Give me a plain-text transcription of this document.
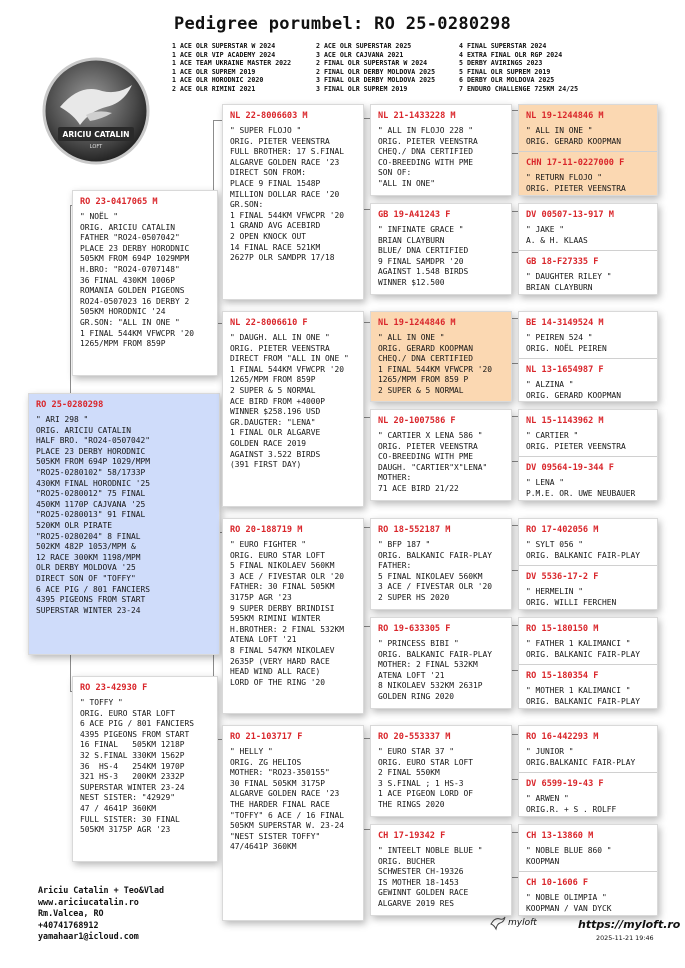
Pedigree porumbel: RO 25-0280298
1 ACE OLR SUPERSTAR W 2024
1 ACE OLR VIP ACADEMY 2024
1 ACE TEAM UKRAINE MASTER 2022
1 ACE OLR SUPREM 2019
1 ACE OLR HORODNIC 2020
2 ACE OLR RIMINI 2021
2 ACE OLR SUPERSTAR 2025
3 ACE OLR CAJVANA 2021
2 FINAL OLR SUPERSTAR W 2024
2 FINAL OLR DERBY MOLDOVA 2025
3 FINAL OLR DERBY MOLDOVA 2025
3 FINAL OLR SUPREM 2019
4 FINAL SUPERSTAR 2024
4 EXTRA FINAL OLR RGP 2024
5 DERBY AVIRINGS 2023
5 FINAL OLR SUPREM 2019
6 DERBY OLR MOLDOVA 2025
7 ENDURO CHALLENGE 725KM 24/25
ARICIU CATALIN
LOFT
RO 25-0280298
" ARI 298 "
ORIG. ARICIU CATALIN
HALF BRO. "RO24-0507042"
PLACE 23 DERBY HORODNIC
505KM FROM 694P 1029/MPM
"RO25-0280102" 58/1733P
430KM FINAL HORODNIC '25
"RO25-0280012" 75 FINAL
450KM 1170P CAJVANA '25
"RO25-0280013" 91 FINAL
520KM OLR PIRATE
"RO25-0280204" 8 FINAL
502KM 482P 1053/MPM &
12 RACE 300KM 1198/MPM
OLR DERBY MOLDOVA '25
DIRECT SON OF "TOFFY"
6 ACE PIG / 801 FANCIERS
4395 PIGEONS FROM START
SUPERSTAR WINTER 23-24
RO 23-0417065 M
" NOËL "
ORIG. ARICIU CATALIN
FATHER "RO24-0507042"
PLACE 23 DERBY HORODNIC
505KM FROM 694P 1029MPM
H.BRO: "RO24-0707148"
36 FINAL 430KM 1006P
ROMANIA GOLDEN PIGEONS
RO24-0507023 16 DERBY 2
505KM HORODNIC '24
GR.SON: "ALL IN ONE "
1 FINAL 544KM VFWCPR '20
1265/MPM FROM 859P
RO 23-42930 F
" TOFFY "
ORIG. EURO STAR LOFT
6 ACE PIG / 801 FANCIERS
4395 PIGEONS FROM START
16 FINAL   505KM 1218P
32 S.FINAL 330KM 1562P
36  HS-4   254KM 1970P
321 HS-3   200KM 2332P
SUPERSTAR WINTER 23-24
NEST SISTER: "42929"
47 / 4641P 360KM
FULL SISTER: 30 FINAL
505KM 3175P AGR '23
NL 22-8006603 M
" SUPER FLOJO "
ORIG. PIETER VEENSTRA
FULL BROTHER: 17 S.FINAL
ALGARVE GOLDEN RACE '23
DIRECT SON FROM:
PLACE 9 FINAL 1548P
MILLION DOLLAR RACE '20
GR.SON:
1 FINAL 544KM VFWCPR '20
1 GRAND AVG ACEBIRD
2 OPEN KNOCK OUT
14 FINAL RACE 521KM
2627P OLR SAMDPR 17/18
NL 22-8006610 F
" DAUGH. ALL IN ONE "
ORIG. PIETER VEENSTRA
DIRECT FROM "ALL IN ONE "
1 FINAL 544KM VFWCPR '20
1265/MPM FROM 859P
2 SUPER & 5 NORMAL
ACE BIRD FROM +4000P
WINNER $258.196 USD
GR.DAUGTER: "LENA"
1 FINAL OLR ALGARVE
GOLDEN RACE 2019
AGAINST 3.522 BIRDS
(391 FIRST DAY)
RO 20-188719 M
" EURO FIGHTER "
ORIG. EURO STAR LOFT
5 FINAL NIKOLAEV 560KM
3 ACE / FIVESTAR OLR '20
FATHER: 30 FINAL 505KM
3175P AGR '23
9 SUPER DERBY BRINDISI
595KM RIMINI WINTER
H.BROTHER: 2 FINAL 532KM
ATENA LOFT '21
8 FINAL 547KM NIKOLAEV
2635P (VERY HARD RACE
HEAD WIND ALL RACE)
LORD OF THE RING '20
RO 21-103717 F
" HELLY "
ORIG. ZG HELIOS
MOTHER: "RO23-350155"
30 FINAL 505KM 3175P
ALGARVE GOLDEN RACE '23
THE HARDER FINAL RACE
"TOFFY" 6 ACE / 16 FINAL
505KM SUPERSTAR W. 23-24
"NEST SISTER TOFFY"
47/4641P 360KM
NL 21-1433228 M
" ALL IN FLOJO 228 "
ORIG. PIETER VEENSTRA
CHEQ./ DNA CERTIFIED
CO-BREEDING WITH PME
SON OF:
"ALL IN ONE"
GB 19-A41243 F
" INFINATE GRACE "
BRIAN CLAYBURN
BLUE/ DNA CERTIFIED
9 FINAL SAMDPR '20
AGAINST 1.548 BIRDS
WINNER $12.500
NL 19-1244846 M
" ALL IN ONE "
ORIG. GERARD KOOPMAN
CHEQ./ DNA CERTIFIED
1 FINAL 544KM VFWCPR '20
1265/MPM FROM 859 P
2 SUPER & 5 NORMAL
NL 20-1007586 F
" CARTIER X LENA 586 "
ORIG. PIETER VEENSTRA
CO-BREEDING WITH PME
DAUGH. "CARTIER"X"LENA"
MOTHER:
71 ACE BIRD 21/22
RO 18-552187 M
" BFP 187 "
ORIG. BALKANIC FAIR-PLAY
FATHER:
5 FINAL NIKOLAEV 560KM
3 ACE / FIVESTAR OLR '20
2 SUPER HS 2020
RO 19-633305 F
" PRINCESS BIBI "
ORIG. BALKANIC FAIR-PLAY
MOTHER: 2 FINAL 532KM
ATENA LOFT '21
8 NIKOLAEV 532KM 2631P
GOLDEN RING 2020
RO 20-553337 M
" EURO STAR 37 "
ORIG. EURO STAR LOFT
2 FINAL 550KM
3 S.FINAL ; 1 HS-3
1 ACE PIGEON LORD OF
THE RINGS 2020
CH 17-19342 F
" INTEELT NOBLE BLUE "
ORIG. BUCHER
SCHWESTER CH-19326
IS MOTHER 18-1453
GEWINNT GOLDEN RACE
ALGARVE 2019 RES
NL 19-1244846 M
" ALL IN ONE "
ORIG. GERARD KOOPMAN
CHN 17-11-0227000 F
" RETURN FLOJO "
ORIG. PIETER VEENSTRA
DV 00507-13-917 M
" JAKE "
A. & H. KLAAS
GB 18-F27335 F
" DAUGHTER RILEY "
BRIAN CLAYBURN
BE 14-3149524 M
" PEIREN 524 "
ORIG. NOËL PEIREN
NL 13-1654987 F
" ALZINA "
ORIG. GERARD KOOPMAN
NL 15-1143962 M
" CARTIER "
ORIG. PIETER VEENSTRA
DV 09564-19-344 F
" LENA "
P.M.E. OR. UWE NEUBAUER
RO 17-402056 M
" SYLT 056 "
ORIG. BALKANIC FAIR-PLAY
DV 5536-17-2 F
" HERMELIN "
ORIG. WILLI FERCHEN
RO 15-180150 M
" FATHER 1 KALIMANCI "
ORIG. BALKANIC FAIR-PLAY
RO 15-180354 F
" MOTHER 1 KALIMANCI "
ORIG. BALKANIC FAIR-PLAY
RO 16-442293 M
" JUNIOR "
ORIG.BALKANIC FAIR-PLAY
DV 6599-19-43 F
" ARWEN "
ORIG.R. + S . ROLFF
CH 13-13860 M
" NOBLE BLUE 860 "
KOOPMAN
CH 10-1606 F
" NOBLE OLIMPIA "
KOOPMAN / VAN DYCK
Ariciu Catalin + Teo&Vlad
www.ariciucatalin.ro
Rm.Valcea, RO
+40741768912
yamahaar1@icloud.com
myloft	https://myloft.ro
2025-11-21 19:46
